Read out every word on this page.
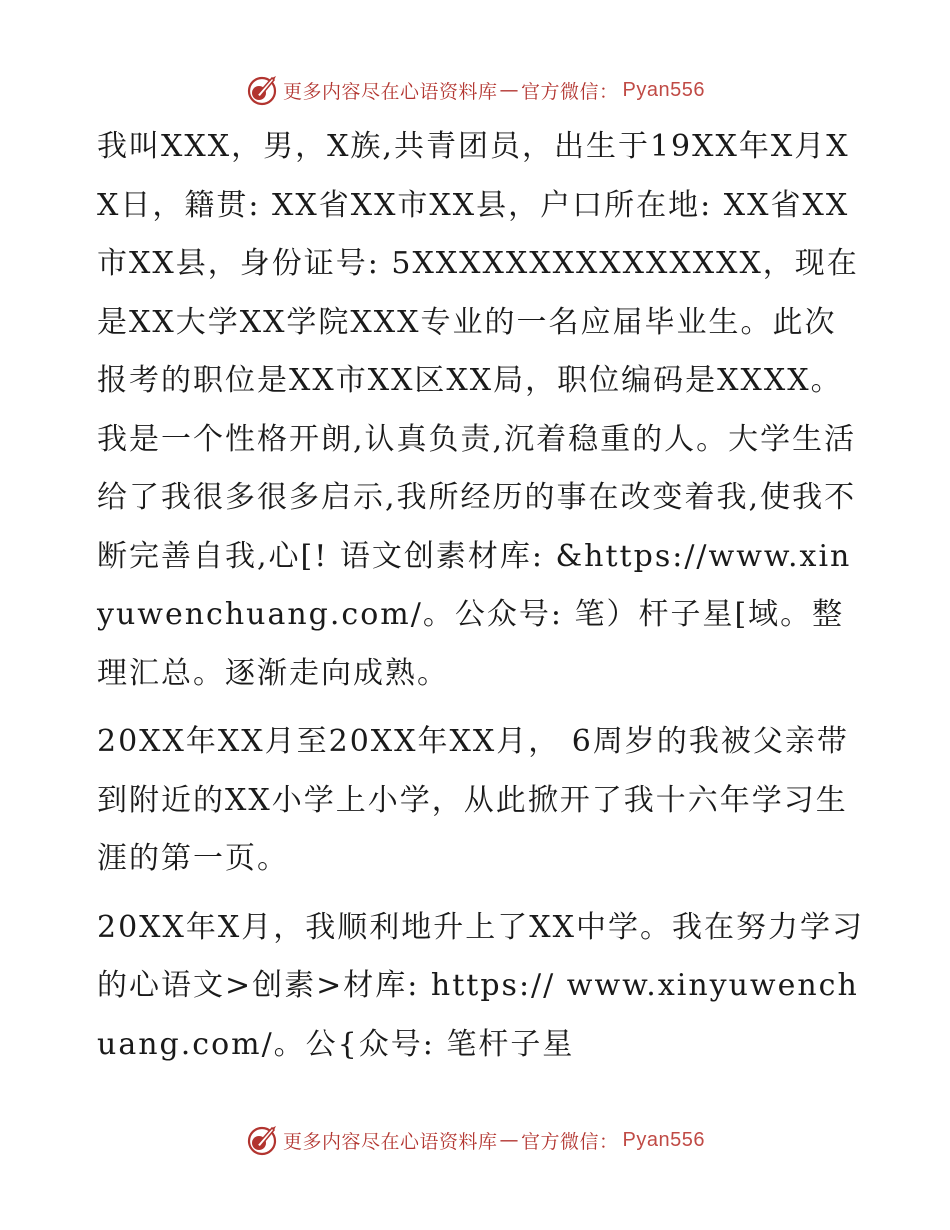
更多内容尽在心语资料库 — 官方微信： Pyan556

我叫XXX，男，X族,共青团员，出生于19XX年X月XX日，籍贯: XX省XX市XX县，户口所在地: XX省XX市XX县，身份证号: 5XXXXXXXXXXXXXXX，现在是XX大学XX学院XXX专业的一名应届毕业生。此次报考的职位是XX市XX区XX局，职位编码是XXXX。我是一个性格开朗,认真负责,沉着稳重的人。大学生活给了我很多很多启示,我所经历的事在改变着我,使我不断完善自我,心[! 语文创素材库: &https://www.xinyuwenchuang.com/。公众号: 笔）杆子星[域。整理汇总。逐渐走向成熟。

20XX年XX月至20XX年XX月， 6周岁的我被父亲带到附近的XX小学上小学，从此掀开了我十六年学习生涯的第一页。

20XX年X月，我顺利地升上了XX中学。我在努力学习的心语文>创素>材库: https:// www.xinyuwenchuang.com/。公{众号: 笔杆子星

更多内容尽在心语资料库 — 官方微信： Pyan556
